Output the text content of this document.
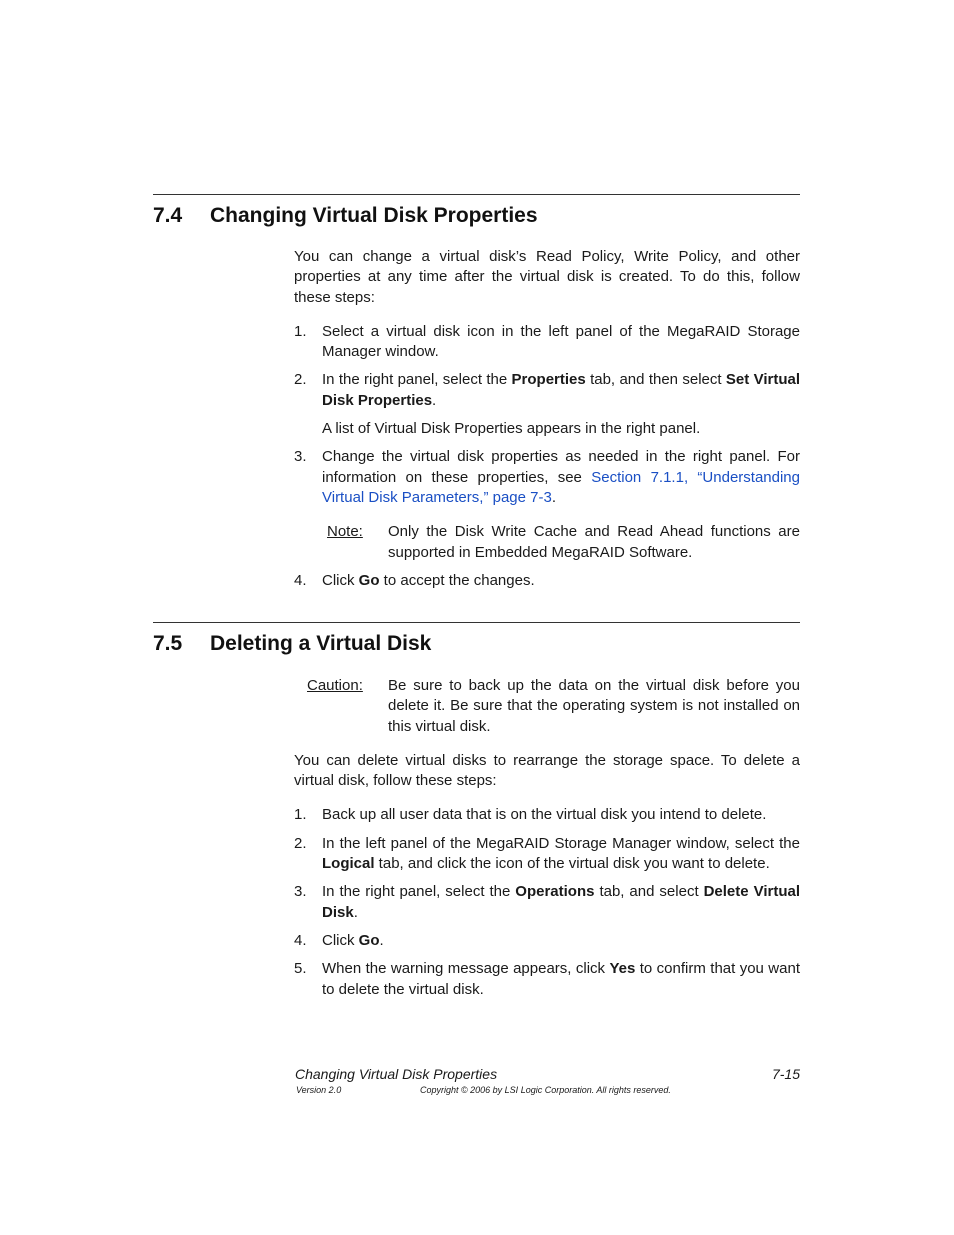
7.4 Changing Virtual Disk Properties

You can change a virtual disk’s Read Policy, Write Policy, and other properties at any time after the virtual disk is created. To do this, follow these steps:

1. Select a virtual disk icon in the left panel of the MegaRAID Storage Manager window.
2. In the right panel, select the Properties tab, and then select Set Virtual Disk Properties.

A list of Virtual Disk Properties appears in the right panel.

3. Change the virtual disk properties as needed in the right panel. For information on these properties, see Section 7.1.1, “Understanding Virtual Disk Parameters,” page 7-3.
Note: Only the Disk Write Cache and Read Ahead functions are supported in Embedded MegaRAID Software.
4. Click Go to accept the changes.
7.5 Deleting a Virtual Disk
Caution: Be sure to back up the data on the virtual disk before you delete it. Be sure that the operating system is not installed on this virtual disk.

You can delete virtual disks to rearrange the storage space. To delete a virtual disk, follow these steps:

1. Back up all user data that is on the virtual disk you intend to delete.
2. In the left panel of the MegaRAID Storage Manager window, select the Logical tab, and click the icon of the virtual disk you want to delete.
3. In the right panel, select the Operations tab, and select Delete Virtual Disk.
4. Click Go.
5. When the warning message appears, click Yes to confirm that you want to delete the virtual disk.
Changing Virtual Disk Properties	7-15
Version 2.0	Copyright © 2006 by LSI Logic Corporation. All rights reserved.
